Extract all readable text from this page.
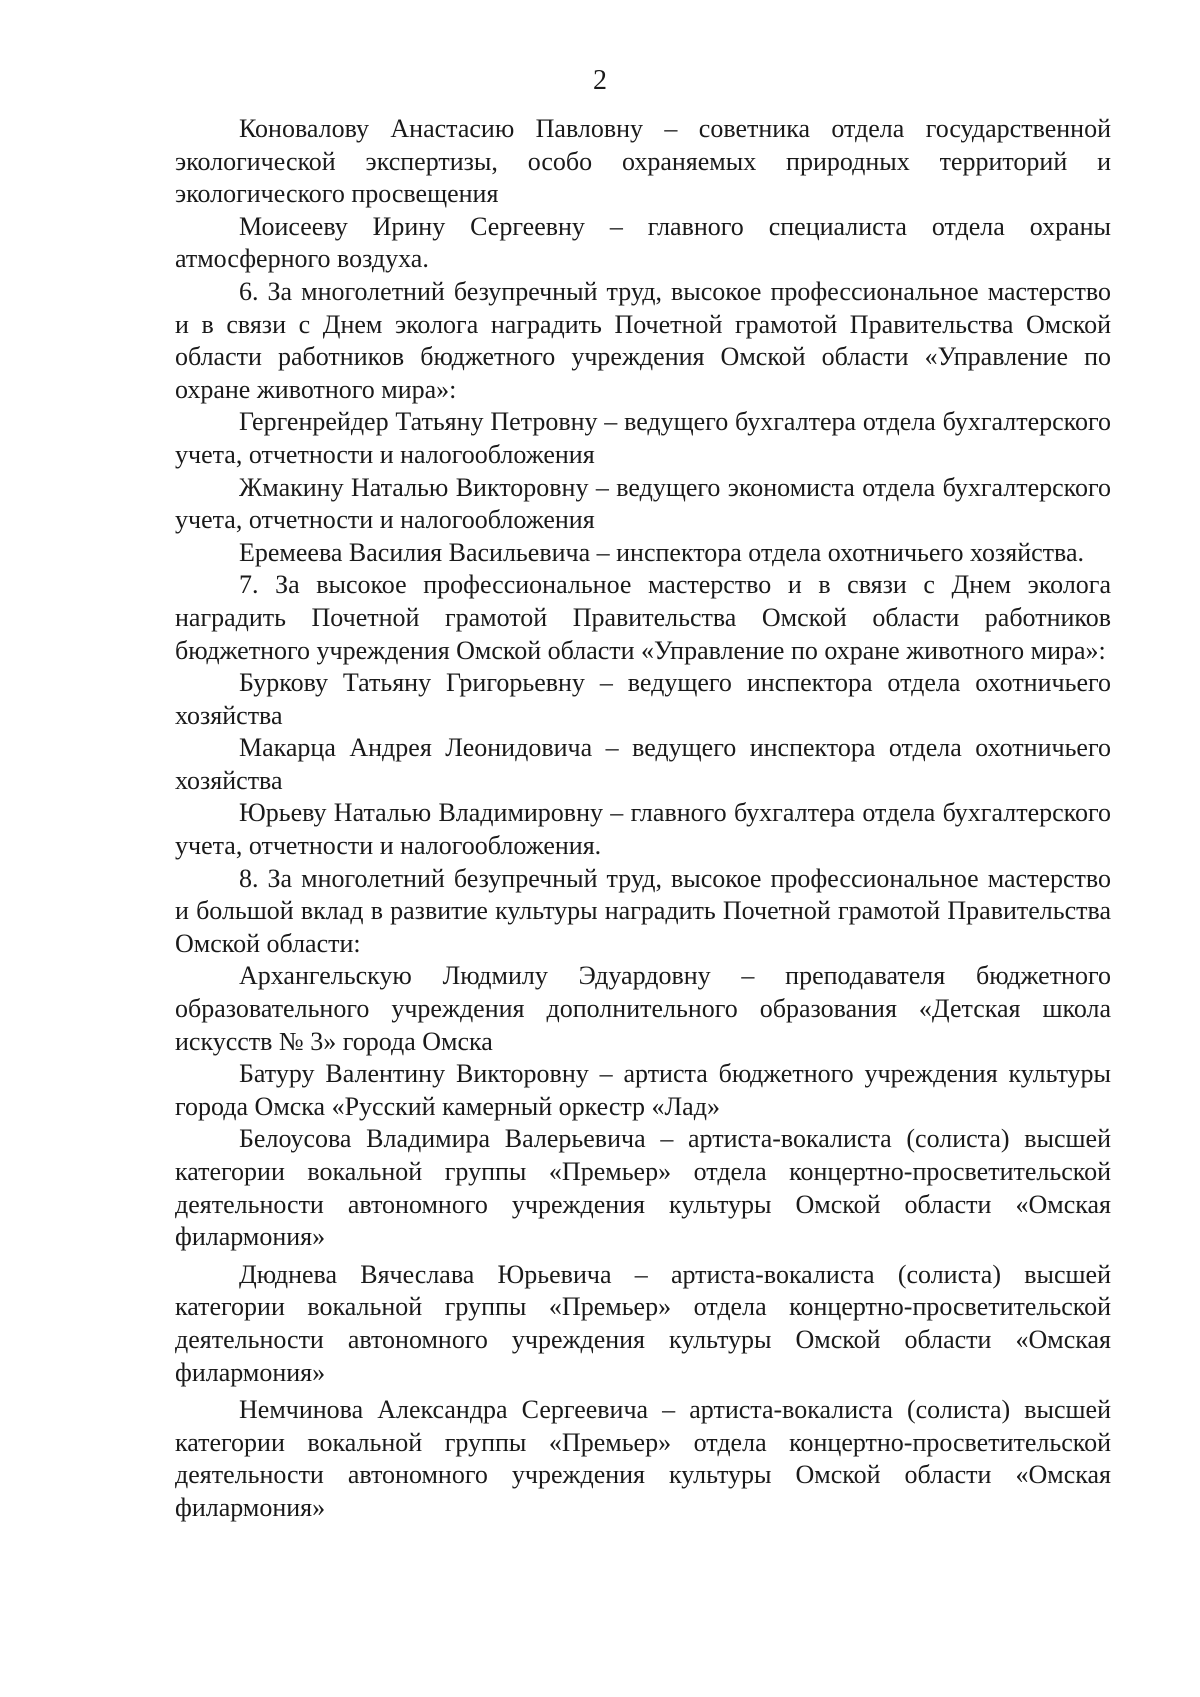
2

Коновалову Анастасию Павловну – советника отдела государственной экологической экспертизы, особо охраняемых природных территорий и экологического просвещения

Моисееву Ирину Сергеевну – главного специалиста отдела охраны атмосферного воздуха.

6. За многолетний безупречный труд, высокое профессиональное мастерство и в связи с Днем эколога наградить Почетной грамотой Правительства Омской области работников бюджетного учреждения Омской области «Управление по охране животного мира»:

Гергенрейдер Татьяну Петровну – ведущего бухгалтера отдела бухгалтерского учета, отчетности и налогообложения

Жмакину Наталью Викторовну – ведущего экономиста отдела бухгалтерского учета, отчетности и налогообложения

Еремеева Василия Васильевича – инспектора отдела охотничьего хозяйства.

7. За высокое профессиональное мастерство и в связи с Днем эколога наградить Почетной грамотой Правительства Омской области работников бюджетного учреждения Омской области «Управление по охране животного мира»:

Буркову Татьяну Григорьевну – ведущего инспектора отдела охотничьего хозяйства

Макарца Андрея Леонидовича – ведущего инспектора отдела охотничьего хозяйства

Юрьеву Наталью Владимировну – главного бухгалтера отдела бухгалтерского учета, отчетности и налогообложения.

8. За многолетний безупречный труд, высокое профессиональное мастерство и большой вклад в развитие культуры наградить Почетной грамотой Правительства Омской области:

Архангельскую Людмилу Эдуардовну – преподавателя бюджетного образовательного учреждения дополнительного образования «Детская школа искусств № 3» города Омска

Батуру Валентину Викторовну – артиста бюджетного учреждения культуры города Омска «Русский камерный оркестр «Лад»

Белоусова Владимира Валерьевича – артиста-вокалиста (солиста) высшей категории вокальной группы «Премьер» отдела концертно-просветительской деятельности автономного учреждения культуры Омской области «Омская филармония»

Дюднева Вячеслава Юрьевича – артиста-вокалиста (солиста) высшей категории вокальной группы «Премьер» отдела концертно-просветительской деятельности автономного учреждения культуры Омской области «Омская филармония»

Немчинова Александра Сергеевича – артиста-вокалиста (солиста) высшей категории вокальной группы «Премьер» отдела концертно-просветительской деятельности автономного учреждения культуры Омской области «Омская филармония»
